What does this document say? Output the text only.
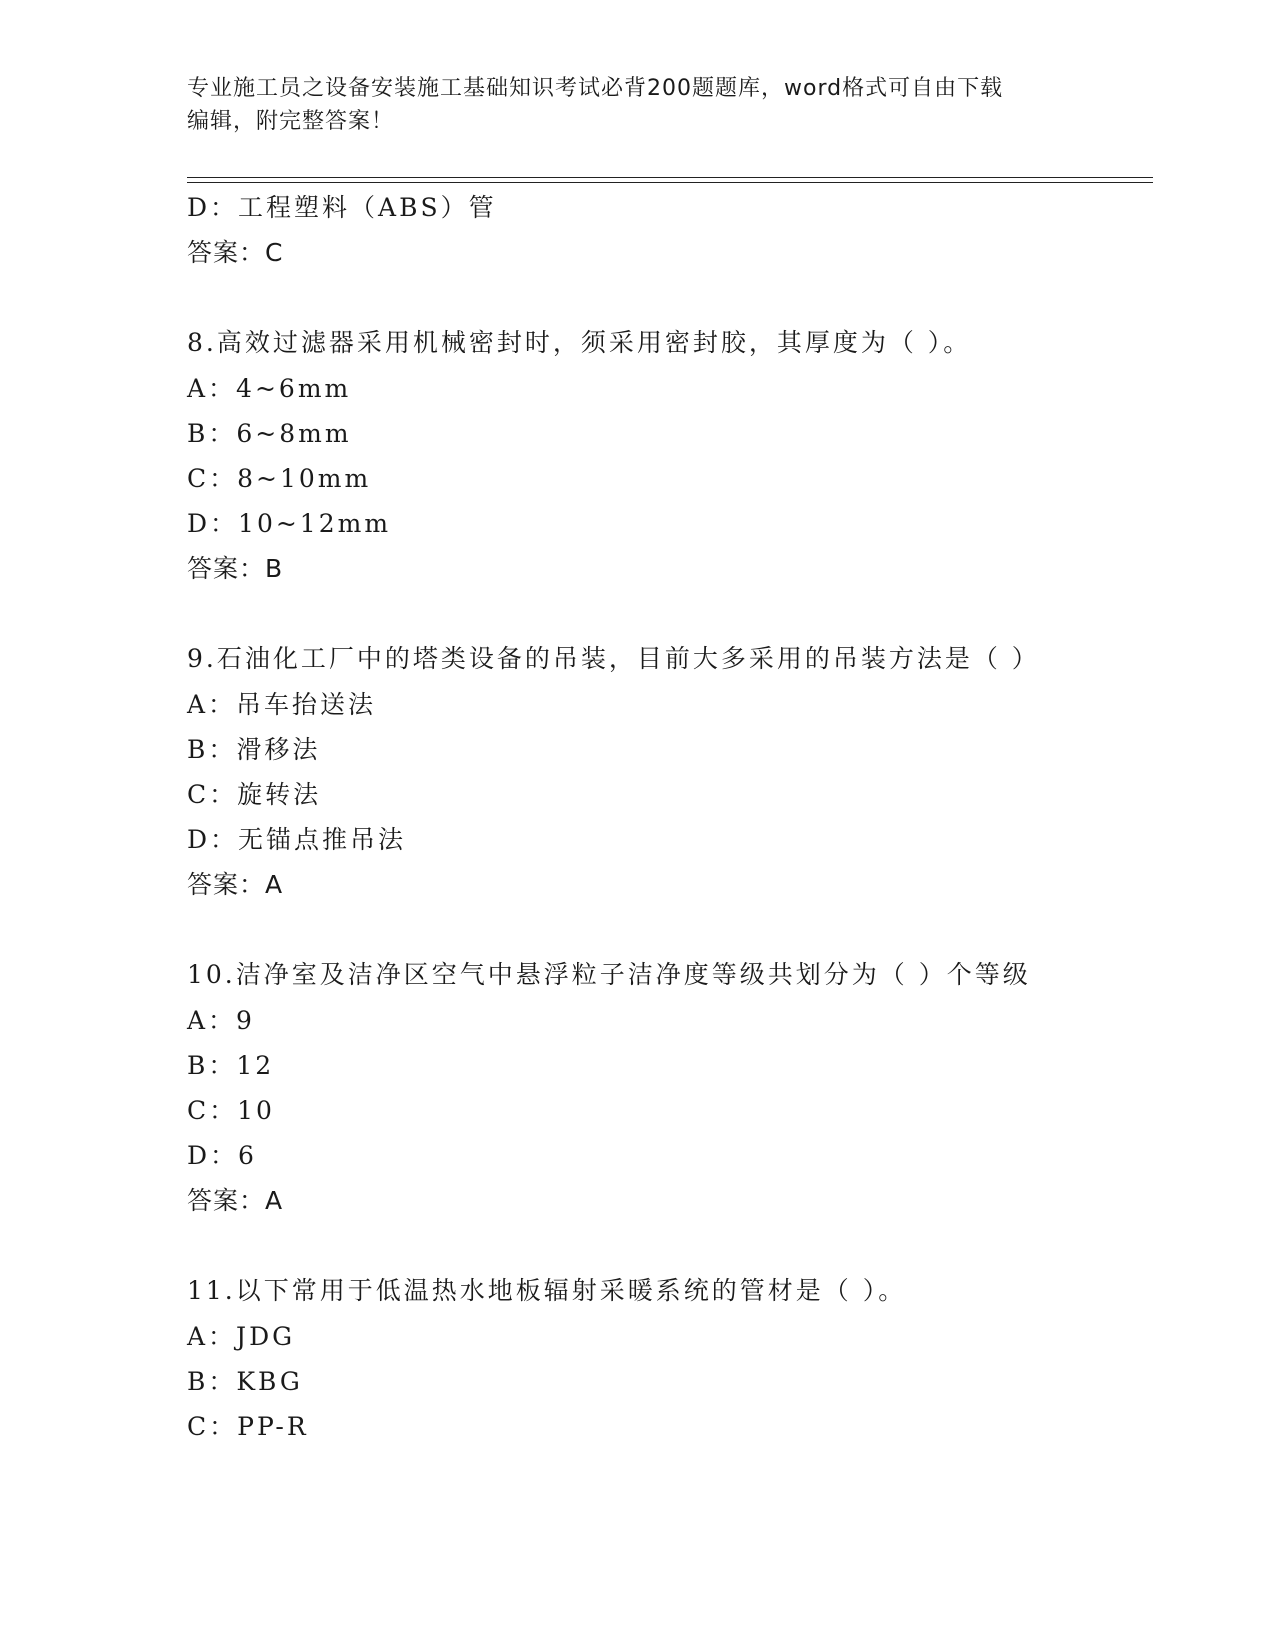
专业施工员之设备安装施工基础知识考试必背200题题库，word格式可自由下载
编辑，附完整答案！
D：工程塑料（ABS）管
答案：C
8.高效过滤器采用机械密封时，须采用密封胶，其厚度为（ ）。
A：4~6mm
B：6~8mm
C：8~10mm
D：10~12mm
答案：B
9.石油化工厂中的塔类设备的吊装，目前大多采用的吊装方法是（ ）
A：吊车抬送法
B：滑移法
C：旋转法
D：无锚点推吊法
答案：A
10.洁净室及洁净区空气中悬浮粒子洁净度等级共划分为（ ）个等级
A：9
B：12
C：10
D：6
答案：A
11.以下常用于低温热水地板辐射采暖系统的管材是（ ）。
A：JDG
B：KBG
C：PP-R
